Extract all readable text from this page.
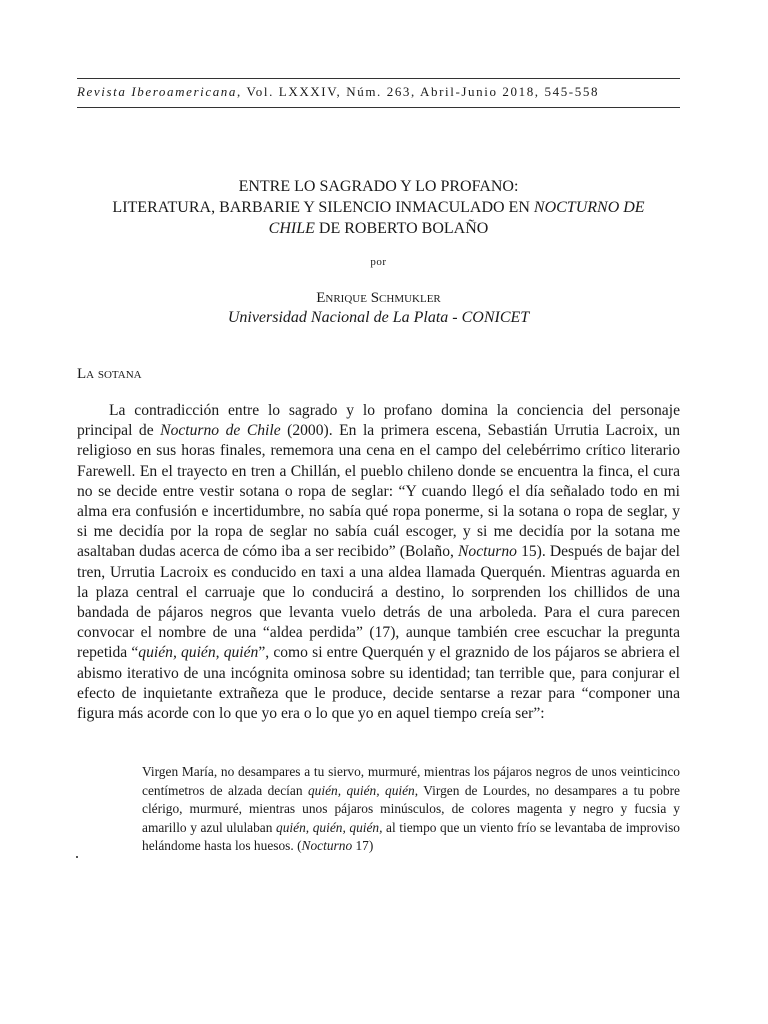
Revista Iberoamericana, Vol. LXXXIV, Núm. 263, Abril-Junio 2018, 545-558
ENTRE LO SAGRADO Y LO PROFANO:
LITERATURA, BARBARIE Y SILENCIO INMACULADO EN NOCTURNO DE
CHILE DE ROBERTO BOLAÑO
por
Enrique Schmukler
Universidad Nacional de La Plata - CONICET
La sotana

La contradicción entre lo sagrado y lo profano domina la conciencia del personaje principal de Nocturno de Chile (2000). En la primera escena, Sebastián Urrutia Lacroix, un religioso en sus horas finales, rememora una cena en el campo del celebérrimo crítico literario Farewell. En el trayecto en tren a Chillán, el pueblo chileno donde se encuentra la finca, el cura no se decide entre vestir sotana o ropa de seglar: “Y cuando llegó el día señalado todo en mi alma era confusión e incertidumbre, no sabía qué ropa ponerme, si la sotana o ropa de seglar, y si me decidía por la ropa de seglar no sabía cuál escoger, y si me decidía por la sotana me asaltaban dudas acerca de cómo iba a ser recibido” (Bolaño, Nocturno 15). Después de bajar del tren, Urrutia Lacroix es conducido en taxi a una aldea llamada Querquén. Mientras aguarda en la plaza central el carruaje que lo conducirá a destino, lo sorprenden los chillidos de una bandada de pájaros negros que levanta vuelo detrás de una arboleda. Para el cura parecen convocar el nombre de una “aldea perdida” (17), aunque también cree escuchar la pregunta repetida “quién, quién, quién”, como si entre Querquén y el graznido de los pájaros se abriera el abismo iterativo de una incógnita ominosa sobre su identidad; tan terrible que, para conjurar el efecto de inquietante extrañeza que le produce, decide sentarse a rezar para “componer una figura más acorde con lo que yo era o lo que yo en aquel tiempo creía ser”:

Virgen María, no desampares a tu siervo, murmuré, mientras los pájaros negros de unos veinticinco centímetros de alzada decían quién, quién, quién, Virgen de Lourdes, no desampares a tu pobre clérigo, murmuré, mientras unos pájaros minúsculos, de colores magenta y negro y fucsia y amarillo y azul ululaban quién, quién, quién, al tiempo que un viento frío se levantaba de improviso helándome hasta los huesos. (Nocturno 17)
